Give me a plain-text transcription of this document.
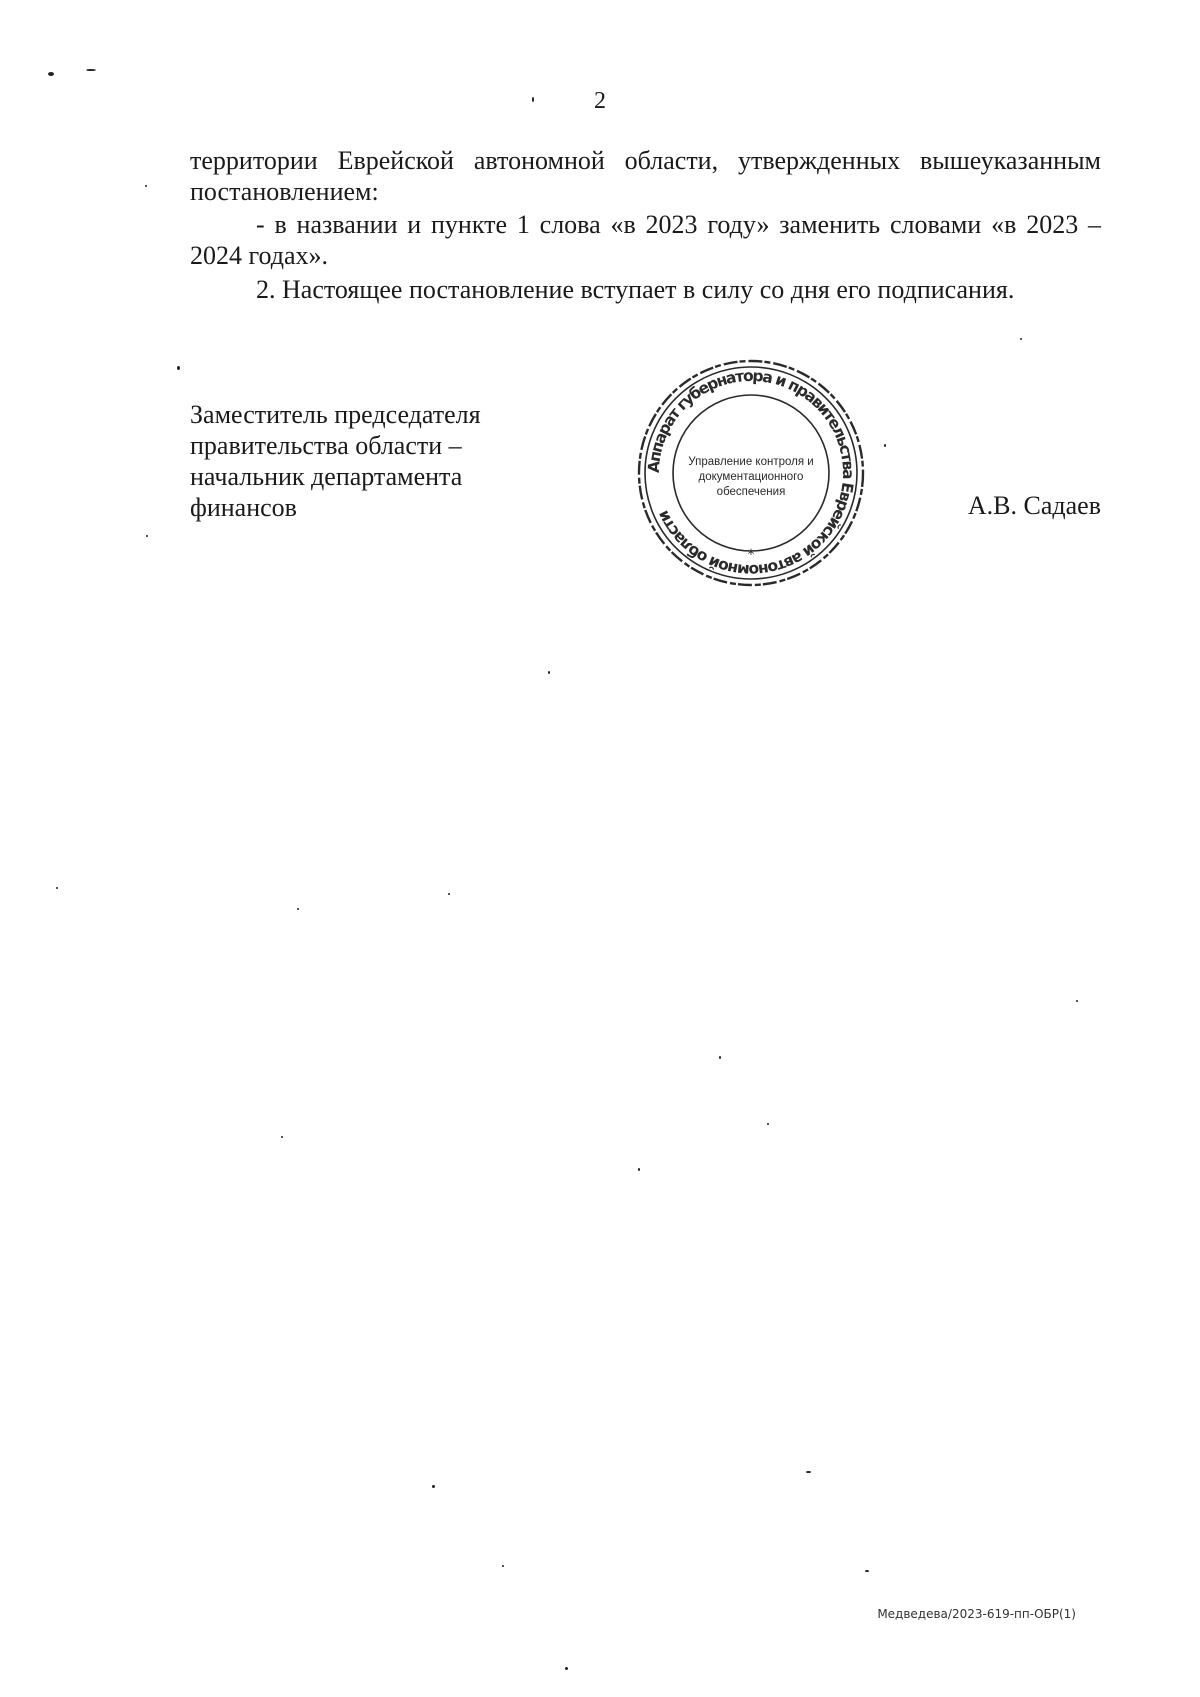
2

территории Еврейской автономной области, утвержденных вышеуказанным постановлением:

- в названии и пункте 1 слова «в 2023 году» заменить словами «в 2023 – 2024 годах».

2. Настоящее постановление вступает в силу со дня его подписания.

Заместитель председателя
правительства области –
начальник департамента
финансов
Аппарат губернатора и правительства Еврейской автономной области
Управление контроля и
документационного
обеспечения
*
А.В. Садаев
Медведева/2023-619-пп-ОБР(1)
